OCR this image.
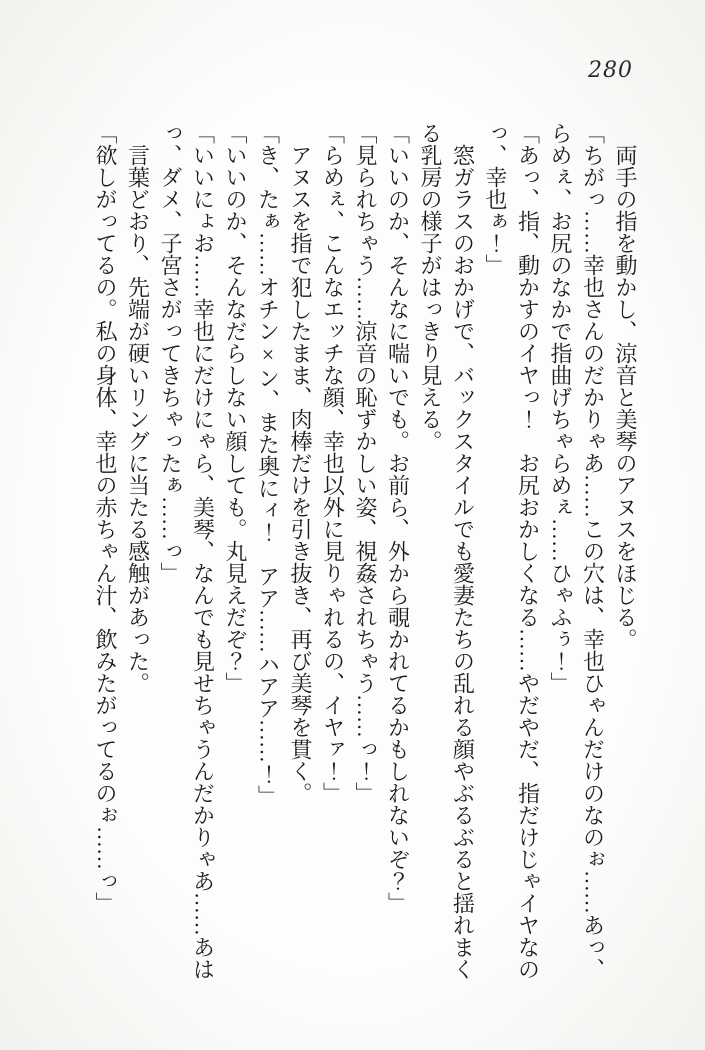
280

両手の指を動かし、涼音と美琴のアヌスをほじる。

「ちがっ……幸也さんのだかりゃあ……この穴は、幸也ひゃんだけのなのぉ……あっ、らめぇ、お尻のなかで指曲げちゃらめぇ……ひゃふぅ！」

「あっ、指、動かすのイヤっ！　お尻おかしくなる……やだやだ、指だけじゃイヤなのっ、幸也ぁ！」

窓ガラスのおかげで、バックスタイルでも愛妻たちの乱れる顔やぶるぶると揺れまくる乳房の様子がはっきり見える。

「いいのか、そんなに喘いでも。お前ら、外から覗かれてるかもしれないぞ？」

「見られちゃう……涼音の恥ずかしい姿、視姦されちゃう……っ！」

「らめぇ、こんなエッチな顔、幸也以外に見りゃれるの、イヤァ！」

アヌスを指で犯したまま、肉棒だけを引き抜き、再び美琴を貫く。

「き、たぁ……オチン×ン、また奥にィ！　アア……ハアア……！」

「いいのか、そんなだらしない顔しても。丸見えだぞ？」

「いいにょお……幸也にだけにゃら、美琴、なんでも見せちゃうんだかりゃあ……あはっ、ダメ、子宮さがってきちゃったぁ……っ」

言葉どおり、先端が硬いリングに当たる感触があった。

「欲しがってるの。私の身体、幸也の赤ちゃん汁、飲みたがってるのぉ……っ」
